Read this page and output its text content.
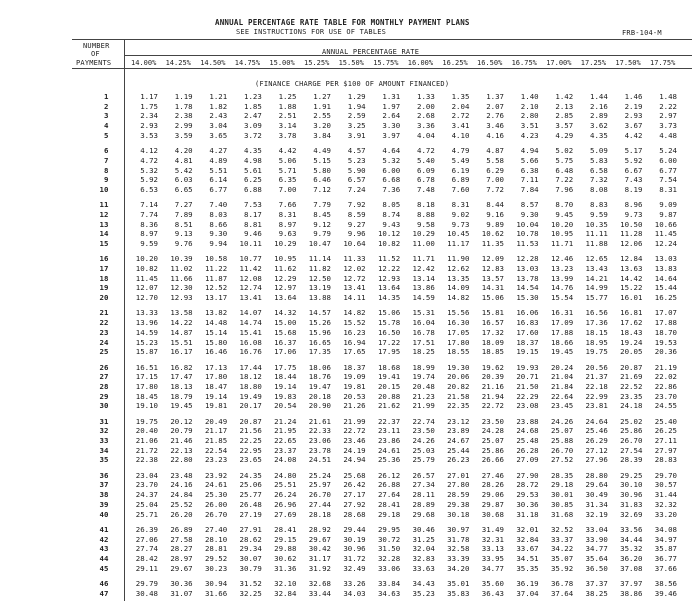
ANNUAL PERCENTAGE RATE TABLE FOR MONTHLY PAYMENT PLANS
SEE INSTRUCTIONS FOR USE OF TABLES	FRB-104-M
NUMBER
OF
PAYMENTS
ANNUAL PERCENTAGE RATE
14.00% 14.25% 14.50% 14.75% 15.00% 15.25% 15.50% 15.75% 16.00% 16.25% 16.50% 16.75% 17.00% 17.25% 17.50% 17.75%
(FINANCE CHARGE PER $100 OF AMOUNT FINANCED)
1	1.17 1.19 1.21 1.23 1.25 1.27 1.29 1.31 1.33 1.35 1.37 1.40 1.42 1.44 1.46 1.48
2	1.75 1.78 1.82 1.85 1.88 1.91 1.94 1.97 2.00 2.04 2.07 2.10 2.13 2.16 2.19 2.22
3	2.34 2.38 2.43 2.47 2.51 2.55 2.59 2.64 2.68 2.72 2.76 2.80 2.85 2.89 2.93 2.97
4	2.93 2.99 3.04 3.09 3.14 3.20 3.25 3.30 3.36 3.41 3.46 3.51 3.57 3.62 3.67 3.73
5	3.53 3.59 3.65 3.72 3.78 3.84 3.91 3.97 4.04 4.10 4.16 4.23 4.29 4.35 4.42 4.48
6	4.12 4.20 4.27 4.35 4.42 4.49 4.57 4.64 4.72 4.79 4.87 4.94 5.02 5.09 5.17 5.24
7	4.72 4.81 4.89 4.98 5.06 5.15 5.23 5.32 5.40 5.49 5.58 5.66 5.75 5.83 5.92 6.00
8	5.32 5.42 5.51 5.61 5.71 5.80 5.90 6.00 6.09 6.19 6.29 6.38 6.48 6.58 6.67 6.77
9	5.92 6.03 6.14 6.25 6.35 6.46 6.57 6.68 6.78 6.89 7.00 7.11 7.22 7.32 7.43 7.54
10	6.53 6.65 6.77 6.88 7.00 7.12 7.24 7.36 7.48 7.60 7.72 7.84 7.96 8.08 8.19 8.31
11	7.14 7.27 7.40 7.53 7.66 7.79 7.92 8.05 8.18 8.31 8.44 8.57 8.70 8.83 8.96 9.09
12	7.74 7.89 8.03 8.17 8.31 8.45 8.59 8.74 8.88 9.02 9.16 9.30 9.45 9.59 9.73 9.87
13	8.36 8.51 8.66 8.81 8.97 9.12 9.27 9.43 9.58 9.73 9.89 10.04 10.20 10.35 10.50 10.66
14	8.97 9.13 9.30 9.46 9.63 9.79 9.96 10.12 10.29 10.45 10.62 10.78 10.95 11.11 11.28 11.45
15	9.59 9.76 9.94 10.11 10.29 10.47 10.64 10.82 11.00 11.17 11.35 11.53 11.71 11.88 12.06 12.24
16	10.20 10.39 10.58 10.77 10.95 11.14 11.33 11.52 11.71 11.90 12.09 12.28 12.46 12.65 12.84 13.03
17	10.82 11.02 11.22 11.42 11.62 11.82 12.02 12.22 12.42 12.62 12.83 13.03 13.23 13.43 13.63 13.83
18	11.45 11.66 11.87 12.08 12.29 12.50 12.72 12.93 13.14 13.35 13.57 13.78 13.99 14.21 14.42 14.64
19	12.07 12.30 12.52 12.74 12.97 13.19 13.41 13.64 13.86 14.09 14.31 14.54 14.76 14.99 15.22 15.44
20	12.70 12.93 13.17 13.41 13.64 13.88 14.11 14.35 14.59 14.82 15.06 15.30 15.54 15.77 16.01 16.25
21	13.33 13.58 13.82 14.07 14.32 14.57 14.82 15.06 15.31 15.56 15.81 16.06 16.31 16.56 16.81 17.07
22	13.96 14.22 14.48 14.74 15.00 15.26 15.52 15.78 16.04 16.30 16.57 16.83 17.09 17.36 17.62 17.88
23	14.59 14.87 15.14 15.41 15.68 15.96 16.23 16.50 16.78 17.05 17.32 17.60 17.88 18.15 18.43 18.70
24	15.23 15.51 15.80 16.08 16.37 16.65 16.94 17.22 17.51 17.80 18.09 18.37 18.66 18.95 19.24 19.53
25	15.87 16.17 16.46 16.76 17.06 17.35 17.65 17.95 18.25 18.55 18.85 19.15 19.45 19.75 20.05 20.36
26	16.51 16.82 17.13 17.44 17.75 18.06 18.37 18.68 18.99 19.30 19.62 19.93 20.24 20.56 20.87 21.19
27	17.15 17.47 17.80 18.12 18.44 18.76 19.09 19.41 19.74 20.06 20.39 20.71 21.04 21.37 21.69 22.02
28	17.80 18.13 18.47 18.80 19.14 19.47 19.81 20.15 20.48 20.82 21.16 21.50 21.84 22.18 22.52 22.86
29	18.45 18.79 19.14 19.49 19.83 20.18 20.53 20.88 21.23 21.58 21.94 22.29 22.64 22.99 23.35 23.70
30	19.10 19.45 19.81 20.17 20.54 20.90 21.26 21.62 21.99 22.35 22.72 23.08 23.45 23.81 24.18 24.55
31	19.75 20.12 20.49 20.87 21.24 21.61 21.99 22.37 22.74 23.12 23.50 23.88 24.26 24.64 25.02 25.40
32	20.40 20.79 21.17 21.56 21.95 22.33 22.72 23.11 23.50 23.89 24.28 24.68 25.07 25.46 25.86 26.25
33	21.06 21.46 21.85 22.25 22.65 23.06 23.46 23.86 24.26 24.67 25.07 25.48 25.88 26.29 26.70 27.11
34	21.72 22.13 22.54 22.95 23.37 23.78 24.19 24.61 25.03 25.44 25.86 26.28 26.70 27.12 27.54 27.97
35	22.38 22.80 23.23 23.65 24.08 24.51 24.94 25.36 25.79 26.23 26.66 27.09 27.52 27.96 28.39 28.83
36	23.04 23.48 23.92 24.35 24.80 25.24 25.68 26.12 26.57 27.01 27.46 27.90 28.35 28.80 29.25 29.70
37	23.70 24.16 24.61 25.06 25.51 25.97 26.42 26.88 27.34 27.80 28.26 28.72 29.18 29.64 30.10 30.57
38	24.37 24.84 25.30 25.77 26.24 26.70 27.17 27.64 28.11 28.59 29.06 29.53 30.01 30.49 30.96 31.44
39	25.04 25.52 26.00 26.48 26.96 27.44 27.92 28.41 28.89 29.38 29.87 30.36 30.85 31.34 31.83 32.32
40	25.71 26.20 26.70 27.19 27.69 28.18 28.68 29.18 29.68 30.18 30.68 31.18 31.68 32.19 32.69 33.20
41	26.39 26.89 27.40 27.91 28.41 28.92 29.44 29.95 30.46 30.97 31.49 32.01 32.52 33.04 33.56 34.08
42	27.06 27.58 28.10 28.62 29.15 29.67 30.19 30.72 31.25 31.78 32.31 32.84 33.37 33.90 34.44 34.97
43	27.74 28.27 28.81 29.34 29.88 30.42 30.96 31.50 32.04 32.58 33.13 33.67 34.22 34.77 35.32 35.87
44	28.42 28.97 29.52 30.07 30.62 31.17 31.72 32.28 32.83 33.39 33.95 34.51 35.07 35.64 36.20 36.77
45	29.11 29.67 30.23 30.79 31.36 31.92 32.49 33.06 33.63 34.20 34.77 35.35 35.92 36.50 37.08 37.66
46	29.79 30.36 30.94 31.52 32.10 32.68 33.26 33.84 34.43 35.01 35.60 36.19 36.78 37.37 37.97 38.56
47	30.48 31.07 31.66 32.25 32.84 33.44 34.03 34.63 35.23 35.83 36.43 37.04 37.64 38.25 38.86 39.46
